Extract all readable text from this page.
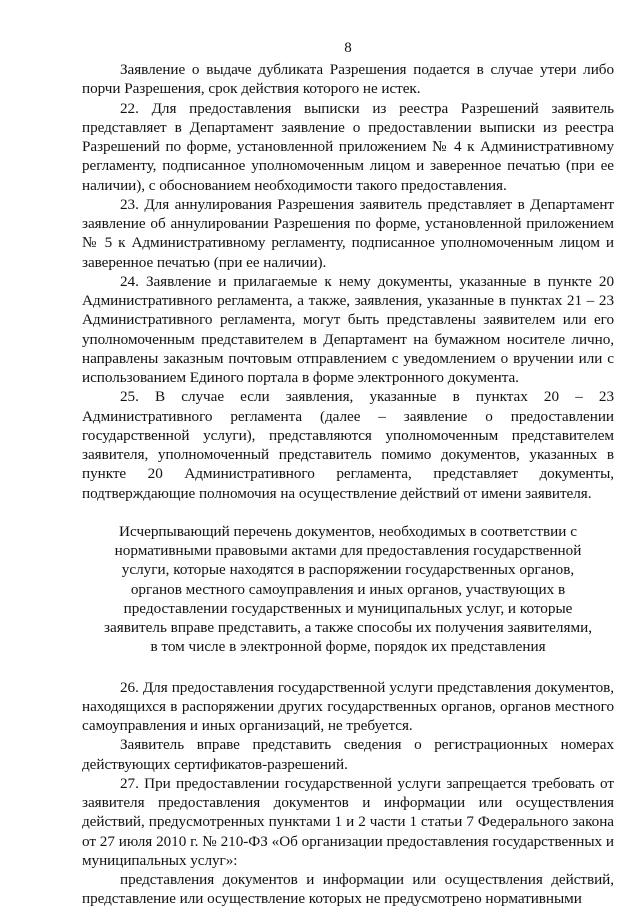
8

Заявление о выдаче дубликата Разрешения подается в случае утери либо порчи Разрешения, срок действия которого не истек.

22. Для предоставления выписки из реестра Разрешений заявитель представляет в Департамент заявление о предоставлении выписки из реестра Разрешений по форме, установленной приложением № 4 к Административному регламенту, подписанное уполномоченным лицом и заверенное печатью (при ее наличии), с обоснованием необходимости такого предоставления.

23. Для аннулирования Разрешения заявитель представляет в Департамент заявление об аннулировании Разрешения по форме, установленной приложением № 5 к Административному регламенту, подписанное уполномоченным лицом и заверенное печатью (при ее наличии).

24. Заявление и прилагаемые к нему документы, указанные в пункте 20 Административного регламента, а также, заявления, указанные в пунктах 21 – 23 Административного регламента, могут быть представлены заявителем или его уполномоченным представителем в Департамент на бумажном носителе лично, направлены заказным почтовым отправлением с уведомлением о вручении или с использованием Единого портала в форме электронного документа.

25. В случае если заявления, указанные в пунктах 20 – 23 Административного регламента (далее – заявление о предоставлении государственной услуги), представляются уполномоченным представителем заявителя, уполномоченный представитель помимо документов, указанных в пункте 20 Административного регламента, представляет документы, подтверждающие полномочия на осуществление действий от имени заявителя.

Исчерпывающий перечень документов, необходимых в соответствии с нормативными правовыми актами для предоставления государственной услуги, которые находятся в распоряжении государственных органов, органов местного самоуправления и иных органов, участвующих в предоставлении государственных и муниципальных услуг, и которые заявитель вправе представить, а также способы их получения заявителями, в том числе в электронной форме, порядок их представления

26. Для предоставления государственной услуги представления документов, находящихся в распоряжении других государственных органов, органов местного самоуправления и иных организаций, не требуется.

Заявитель вправе представить сведения о регистрационных номерах действующих сертификатов-разрешений.

27. При предоставлении государственной услуги запрещается требовать от заявителя предоставления документов и информации или осуществления действий, предусмотренных пунктами 1 и 2 части 1 статьи 7 Федерального закона от 27 июля 2010 г. № 210-ФЗ «Об организации предоставления государственных и муниципальных услуг»:

представления документов и информации или осуществления действий, представление или осуществление которых не предусмотрено нормативными
